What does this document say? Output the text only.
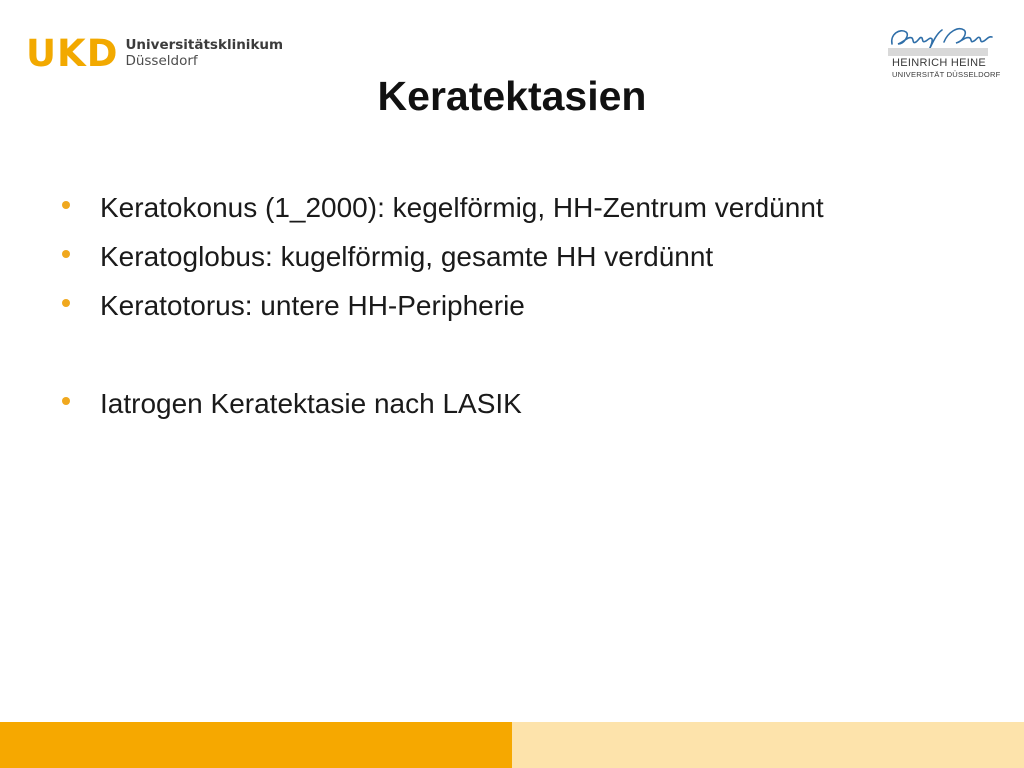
UKD Universitätsklinikum
Düsseldorf	HEINRICH HEINE
UNIVERSITÄT DÜSSELDORF
Keratektasien
Keratokonus (1_2000): kegelförmig, HH-Zentrum verdünnt
Keratoglobus: kugelförmig, gesamte HH verdünnt
Keratotorus: untere HH-Peripherie
Iatrogen Keratektasie nach LASIK
